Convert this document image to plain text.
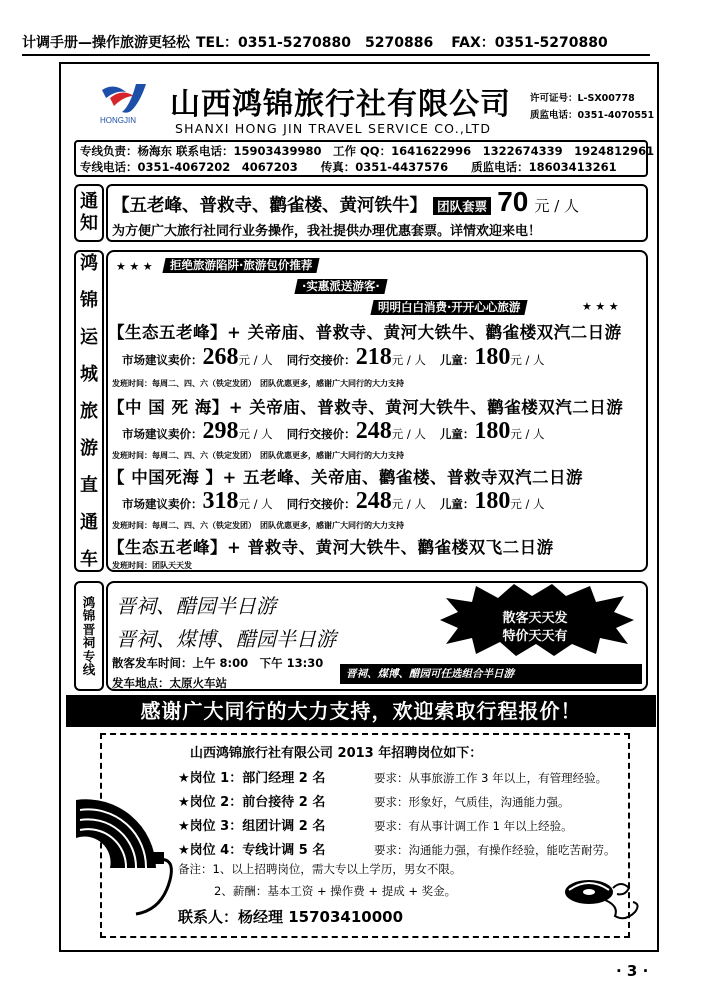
计调手册—操作旅游更轻松 TEL：0351-5270880　5270886 FAX：0351-5270880
HONGJIN 山西鸿锦旅行社有限公司
SHANXI HONG JIN TRAVEL SERVICE CO.,LTD
许可证号：L-SX00778
质监电话：0351-4070551
专线负责：杨海东 联系电话：15903439980　工作 QQ：1641622996　1322674339　1924812961
专线电话：0351-4067202　4067203　　传真：0351-4437576　　质监电话：18603413261
通
知
【五老峰、普救寺、鹳雀楼、黄河铁牛】 团队套票 70 元 / 人
为方便广大旅行社同行业务操作，我社提供办理优惠套票。详情欢迎来电！
鸿
锦
运
城
旅
游
直
通
车
★ ★ ★	拒绝旅游陷阱·旅游包价推荐
·实惠派送游客·
明明白白消费·开开心心旅游	★ ★ ★
【生态五老峰】+ 关帝庙、普救寺、黄河大铁牛、鹳雀楼双汽二日游
市场建议卖价：268元 / 人 同行交接价：218元 / 人 儿童：180元 / 人
发班时间：每周二、四、六（铁定发团）　团队优惠更多，感谢广大同行的大力支持
【中 国 死 海】+ 关帝庙、普救寺、黄河大铁牛、鹳雀楼双汽二日游
市场建议卖价：298元 / 人 同行交接价：248元 / 人 儿童：180元 / 人
发班时间：每周二、四、六（铁定发团）　团队优惠更多，感谢广大同行的大力支持
【 中国死海 】+ 五老峰、关帝庙、鹳雀楼、普救寺双汽二日游
市场建议卖价：318元 / 人 同行交接价：248元 / 人 儿童：180元 / 人
发班时间：每周二、四、六（铁定发团）　团队优惠更多，感谢广大同行的大力支持
【生态五老峰】+ 普救寺、黄河大铁牛、鹳雀楼双飞二日游
发班时间：团队天天发
鸿
锦
晋
祠
专
线
晋祠、醋园半日游
晋祠、煤博、醋园半日游
散客发车时间：上午 8:00　下午 13:30
发车地点：太原火车站
散客天天发
特价天天有
晋祠、煤博、醋园可任选组合半日游
感谢广大同行的大力支持，欢迎索取行程报价！
山西鸿锦旅行社有限公司 2013 年招聘岗位如下：
★岗位 1：部门经理 2 名	要求：从事旅游工作 3 年以上，有管理经验。
★岗位 2：前台接待 2 名	要求：形象好，气质佳，沟通能力强。
★岗位 3：组团计调 2 名	要求：有从事计调工作 1 年以上经验。
★岗位 4：专线计调 5 名	要求：沟通能力强，有操作经验，能吃苦耐劳。
备注：1、以上招聘岗位，需大专以上学历，男女不限。
2、薪酬：基本工资 + 操作费 + 提成 + 奖金。
联系人：杨经理 15703410000
· 3 ·
